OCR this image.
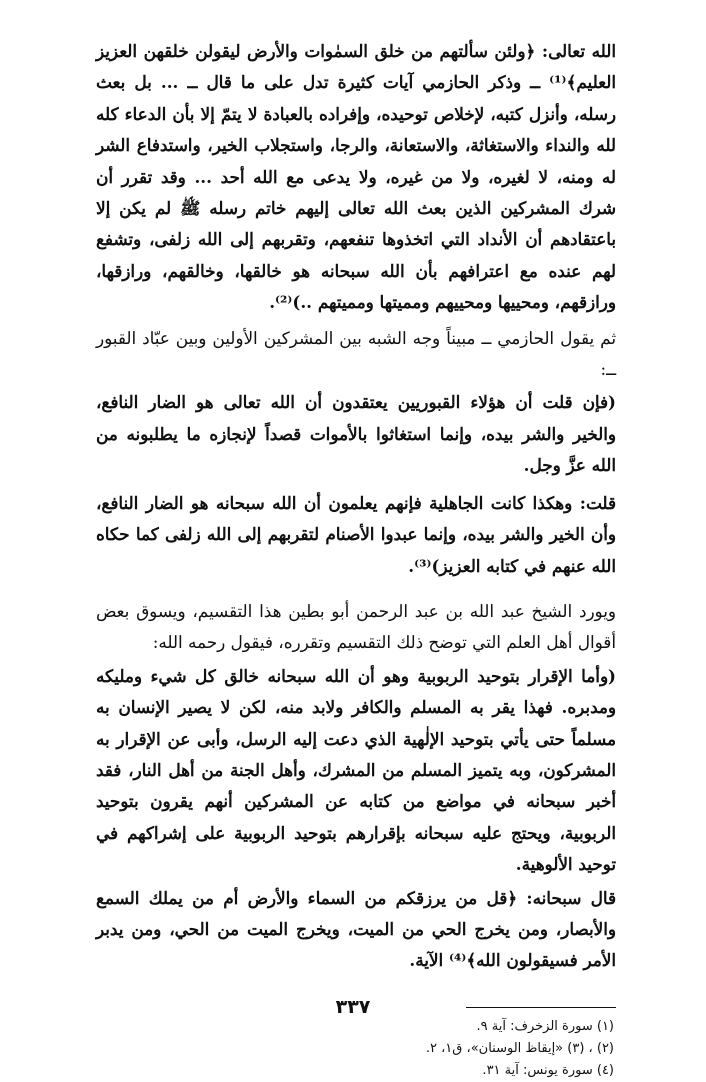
الله تعالى: ﴿ولئن سألتهم من خلق السمٰوات والأرض ليقولن خلقهن العزيز العليم﴾⁽¹⁾ ــ وذكر الحازمي آيات كثيرة تدل على ما قال ــ ... بل بعث رسله، وأنزل كتبه، لإخلاص توحيده، وإفراده بالعبادة لا يتمّ إلا بأن الدعاء كله لله والنداء والاستغاثة، والاستعانة، والرجا، واستجلاب الخير، واستدفاع الشر له ومنه، لا لغيره، ولا من غيره، ولا يدعى مع الله أحد ... وقد تقرر أن شرك المشركين الذين بعث الله تعالى إليهم خاتم رسله ﷺ لم يكن إلا باعتقادهم أن الأنداد التي اتخذوها تنفعهم، وتقربهم إلى الله زلفى، وتشفع لهم عنده مع اعترافهم بأن الله سبحانه هو خالقها، وخالقهم، ورازقها، ورازقهم، ومحييها ومحييهم ومميتها ومميتهم ..)⁽²⁾.

ثم يقول الحازمي ــ مبيناً وجه الشبه بين المشركين الأولين وبين عبّاد القبور ــ:

(فإن قلت أن هؤلاء القبوريين يعتقدون أن الله تعالى هو الضار النافع، والخير والشر بيده، وإنما استغاثوا بالأموات قصداً لإنجازه ما يطلبونه من الله عزَّ وجل.

قلت: وهكذا كانت الجاهلية فإنهم يعلمون أن الله سبحانه هو الضار النافع، وأن الخير والشر بيده، وإنما عبدوا الأصنام لتقربهم إلى الله زلفى كما حكاه الله عنهم في كتابه العزيز)⁽³⁾.

ويورد الشيخ عبد الله بن عبد الرحمن أبو بطين هذا التقسيم، ويسوق بعض أقوال أهل العلم التي توضح ذلك التقسيم وتقرره، فيقول رحمه الله:

(وأما الإقرار بتوحيد الربوبية وهو أن الله سبحانه خالق كل شيء ومليكه ومدبره. فهذا يقر به المسلم والكافر ولابد منه، لكن لا يصير الإنسان به مسلماً حتى يأتي بتوحيد الإلٰهية الذي دعت إليه الرسل، وأبى عن الإقرار به المشركون، وبه يتميز المسلم من المشرك، وأهل الجنة من أهل النار، فقد أخبر سبحانه في مواضع من كتابه عن المشركين أنهم يقرون بتوحيد الربوبية، ويحتج عليه سبحانه بإقرارهم بتوحيد الربوبية على إشراكهم في توحيد الألوهية.

قال سبحانه: ﴿قل من يرزقكم من السماء والأرض أم من يملك السمع والأبصار، ومن يخرج الحي من الميت، ويخرج الميت من الحي، ومن يدبر الأمر فسيقولون الله﴾⁽⁴⁾ الآية.

(١) سورة الزخرف: آية ٩.

(٢) ، (٣) «إيقاظ الوسنان»، ق١، ٢.

(٤) سورة يونس: آية ٣١.

٣٣٧
